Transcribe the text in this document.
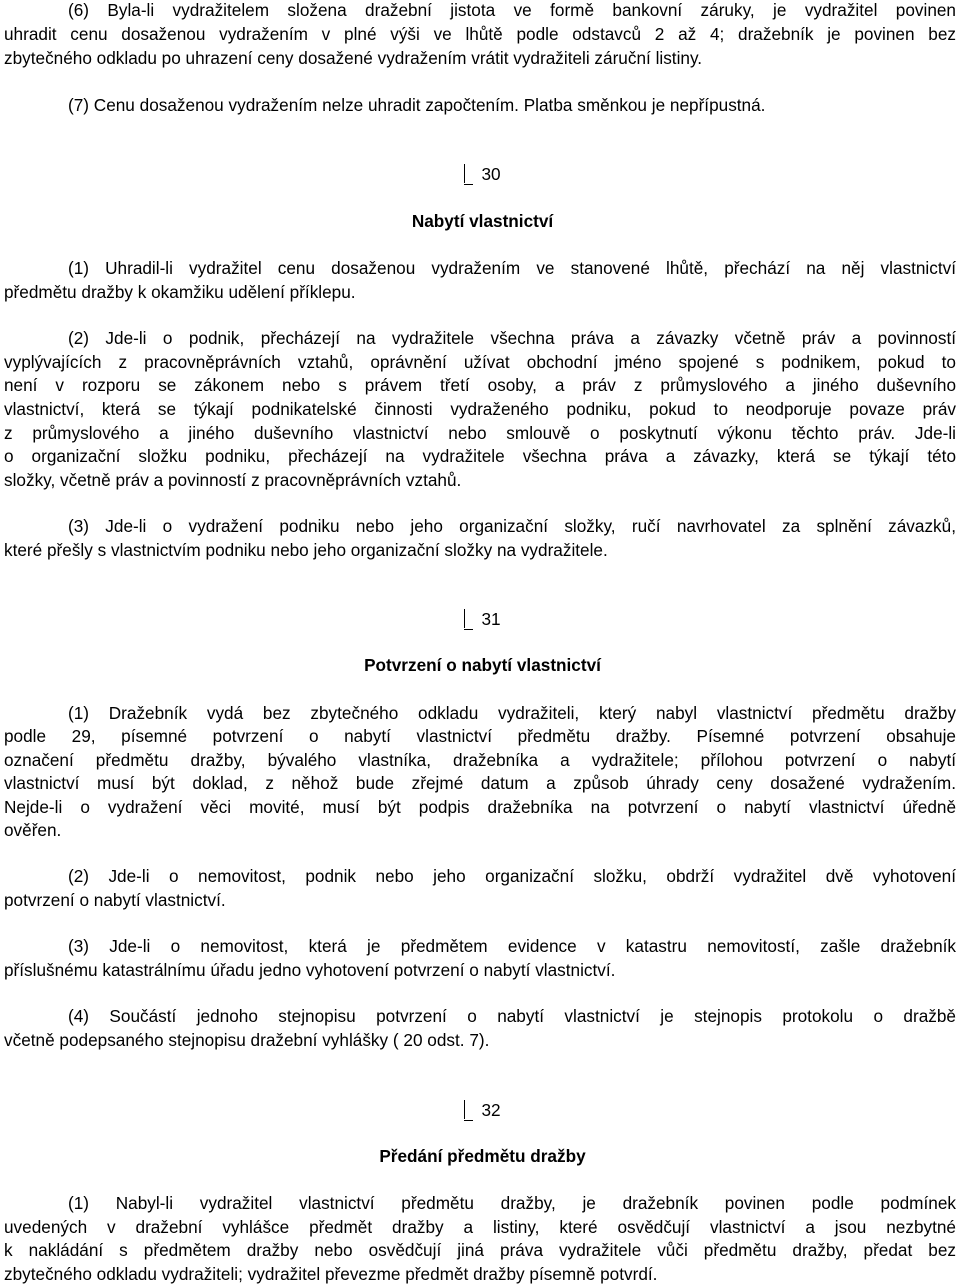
(6) Byla-li vydražitelem složena dražební jistota ve formě bankovní záruky, je vydražitel povinen
uhradit cenu dosaženou vydražením v plné výši ve lhůtě podle odstavců 2 až 4; dražebník je povinen bez
zbytečného odkladu po uhrazení ceny dosažené vydražením vrátit vydražiteli záruční listiny.
(7) Cenu dosaženou vydražením nelze uhradit započtením. Platba směnkou je nepřípustná.
30
Nabytí vlastnictví
(1) Uhradil-li vydražitel cenu dosaženou vydražením ve stanovené lhůtě, přechází na něj vlastnictví
předmětu dražby k okamžiku udělení příklepu.
(2) Jde-li o podnik, přecházejí na vydražitele všechna práva a závazky včetně práv a povinností
vyplývajících z pracovněprávních vztahů, oprávnění užívat obchodní jméno spojené s podnikem, pokud to
není v rozporu se zákonem nebo s právem třetí osoby, a práv z průmyslového a jiného duševního
vlastnictví, která se týkají podnikatelské činnosti vydraženého podniku, pokud to neodporuje povaze práv
z průmyslového a jiného duševního vlastnictví nebo smlouvě o poskytnutí výkonu těchto práv. Jde-li
o organizační složku podniku, přecházejí na vydražitele všechna práva a závazky, která se týkají této
složky, včetně práv a povinností z pracovněprávních vztahů.
(3) Jde-li o vydražení podniku nebo jeho organizační složky, ručí navrhovatel za splnění závazků,
které přešly s vlastnictvím podniku nebo jeho organizační složky na vydražitele.
31
Potvrzení o nabytí vlastnictví
(1) Dražebník vydá bez zbytečného odkladu vydražiteli, který nabyl vlastnictví předmětu dražby
podle 29, písemné potvrzení o nabytí vlastnictví předmětu dražby. Písemné potvrzení obsahuje
označení předmětu dražby, bývalého vlastníka, dražebníka a vydražitele; přílohou potvrzení o nabytí
vlastnictví musí být doklad, z něhož bude zřejmé datum a způsob úhrady ceny dosažené vydražením.
Nejde-li o vydražení věci movité, musí být podpis dražebníka na potvrzení o nabytí vlastnictví úředně
ověřen.
(2) Jde-li o nemovitost, podnik nebo jeho organizační složku, obdrží vydražitel dvě vyhotovení
potvrzení o nabytí vlastnictví.
(3) Jde-li o nemovitost, která je předmětem evidence v katastru nemovitostí, zašle dražebník
příslušnému katastrálnímu úřadu jedno vyhotovení potvrzení o nabytí vlastnictví.
(4) Součástí jednoho stejnopisu potvrzení o nabytí vlastnictví je stejnopis protokolu o dražbě
včetně podepsaného stejnopisu dražební vyhlášky ( 20 odst. 7).
32
Předání předmětu dražby
(1) Nabyl-li vydražitel vlastnictví předmětu dražby, je dražebník povinen podle podmínek
uvedených v dražební vyhlášce předmět dražby a listiny, které osvědčují vlastnictví a jsou nezbytné
k nakládání s předmětem dražby nebo osvědčují jiná práva vydražitele vůči předmětu dražby, předat bez
zbytečného odkladu vydražiteli; vydražitel převezme předmět dražby písemně potvrdí.
